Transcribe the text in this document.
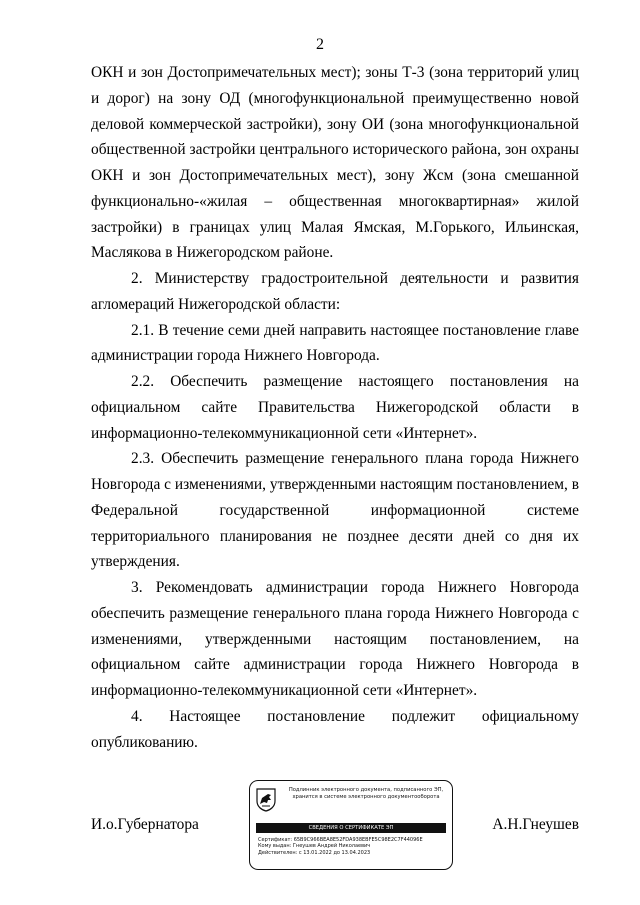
2

ОКН и зон Достопримечательных мест); зоны Т-3 (зона территорий улиц и дорог) на зону ОД (многофункциональной преимущественно новой деловой коммерческой застройки), зону ОИ (зона многофункциональной общественной застройки центрального исторического района, зон охраны ОКН и зон Достопримечательных мест), зону Жсм (зона смешанной функционально-«жилая – общественная многоквартирная» жилой застройки) в границах улиц Малая Ямская, М.Горького, Ильинская, Маслякова в Нижегородском районе.

2. Министерству градостроительной деятельности и развития агломераций Нижегородской области:

2.1. В течение семи дней направить настоящее постановление главе администрации города Нижнего Новгорода.

2.2. Обеспечить размещение настоящего постановления на официальном сайте Правительства Нижегородской области в информационно-телекоммуникационной сети «Интернет».

2.3. Обеспечить размещение генерального плана города Нижнего Новгорода с изменениями, утвержденными настоящим постановлением, в Федеральной государственной информационной системе территориального планирования не позднее десяти дней со дня их утверждения.

3. Рекомендовать администрации города Нижнего Новгорода обеспечить размещение генерального плана города Нижнего Новгорода с изменениями, утвержденными настоящим постановлением, на официальном сайте администрации города Нижнего Новгорода в информационно-телекоммуникационной сети «Интернет».

4. Настоящее постановление подлежит официальному опубликованию.

И.о.Губернатора
Подлинник электронного документа, подписанного ЭП,
хранится в системе электронного документооборота
СВЕДЕНИЯ О СЕРТИФИКАТЕ ЭП
Сертификат: 65B9C966BEA8E52FDA938EBFE5C98E2C7F44096E
Кому выдан: Гнеушев Андрей Николаевич
Действителен: с 13.01.2022 до 13.04.2023
А.Н.Гнеушев
